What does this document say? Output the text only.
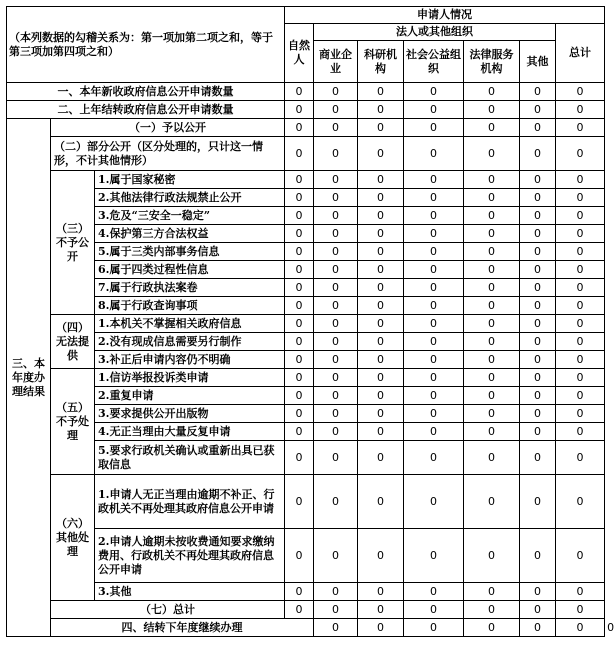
（本列数据的勾稽关系为：第一项加第二项之和，等于第三项加第四项之和）			申请人情况							
			自然人	法人或其他组织					总计	
				商业企业	科研机构	社会公益组织	法律服务机构	其他		
一、本年新收政府信息公开申请数量			0	0	0	0	0	0	0	
二、上年结转政府信息公开申请数量			0	0	0	0	0	0	0	
三、本年度办理结果	（一）予以公开		0	0	0	0	0	0	0	
	（二）部分公开（区分处理的，只计这一情形，不计其他情形）		0	0	0	0	0	0	0	
	（三）不予公开	1.属于国家秘密	0	0	0	0	0	0	0	
		2.其他法律行政法规禁止公开	0	0	0	0	0	0	0	
		3.危及“三安全一稳定”	0	0	0	0	0	0	0	
		4.保护第三方合法权益	0	0	0	0	0	0	0	
		5.属于三类内部事务信息	0	0	0	0	0	0	0	
		6.属于四类过程性信息	0	0	0	0	0	0	0	
		7.属于行政执法案卷	0	0	0	0	0	0	0	
		8.属于行政查询事项	0	0	0	0	0	0	0	
	（四）无法提供	1.本机关不掌握相关政府信息	0	0	0	0	0	0	0	
		2.没有现成信息需要另行制作	0	0	0	0	0	0	0	
		3.补正后申请内容仍不明确	0	0	0	0	0	0	0	
	（五）不予处理	1.信访举报投诉类申请	0	0	0	0	0	0	0	
		2.重复申请	0	0	0	0	0	0	0	
		3.要求提供公开出版物	0	0	0	0	0	0	0	
		4.无正当理由大量反复申请	0	0	0	0	0	0	0	
		5.要求行政机关确认或重新出具已获取信息	0	0	0	0	0	0	0	
	（六）其他处理	1.申请人无正当理由逾期不补正、行政机关不再处理其政府信息公开申请	0	0	0	0	0	0	0	
		2.申请人逾期未按收费通知要求缴纳费用、行政机关不再处理其政府信息公开申请	0	0	0	0	0	0	0	
		3.其他	0	0	0	0	0	0	0	
	（七）总计		0	0	0	0	0	0	0	
	四、结转下年度继续办理			0	0	0	0	0	0	0
